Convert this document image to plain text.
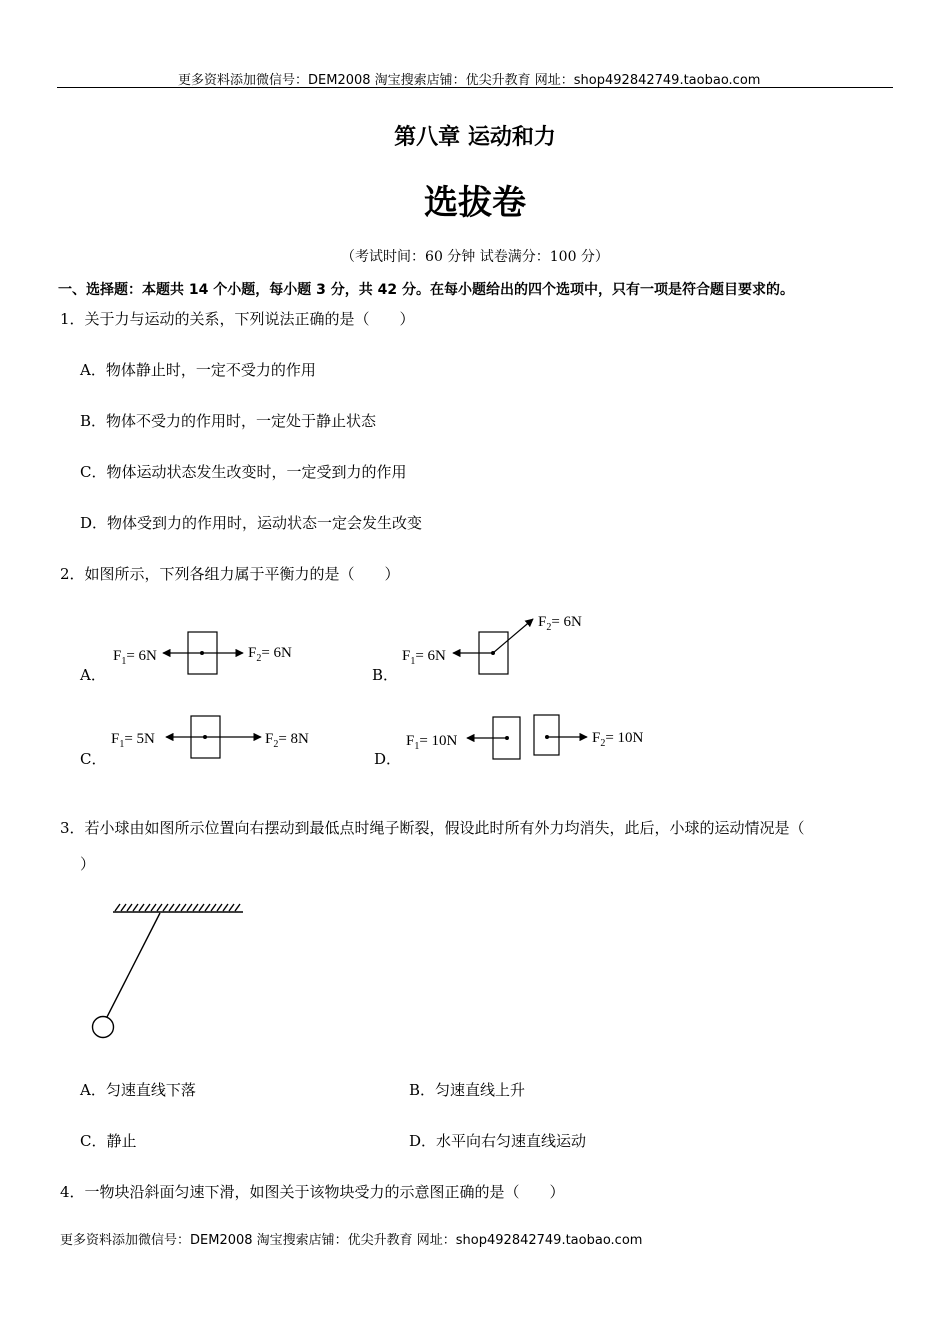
更多资料添加微信号：DEM2008 淘宝搜索店铺：优尖升教育 网址：shop492842749.taobao.com
第八章 运动和力
选拔卷
（考试时间：60 分钟 试卷满分：100 分）
一、选择题：本题共 14 个小题，每小题 3 分，共 42 分。在每小题给出的四个选项中，只有一项是符合题目要求的。
1．关于力与运动的关系，下列说法正确的是（　　）
A．物体静止时，一定不受力的作用
B．物体不受力的作用时，一定处于静止状态
C．物体运动状态发生改变时，一定受到力的作用
D．物体受到力的作用时，运动状态一定会发生改变
2．如图所示，下列各组力属于平衡力的是（　　）
A．	B．
C．	D．
$F_1= 6N$	$F_2= 6N$	$F_1= 6N$
$F_2= 6N$
$F_1= 5N$	$F_2= 8N$	$F_1= 10N$	$F_2= 10N$
3．若小球由如图所示位置向右摆动到最低点时绳子断裂，假设此时所有外力均消失，此后，小球的运动情况是（
）
A．匀速直线下落	B．匀速直线上升
C．静止	D．水平向右匀速直线运动
4．一物块沿斜面匀速下滑，如图关于该物块受力的示意图正确的是（　　）
更多资料添加微信号：DEM2008 淘宝搜索店铺：优尖升教育 网址：shop492842749.taobao.com
